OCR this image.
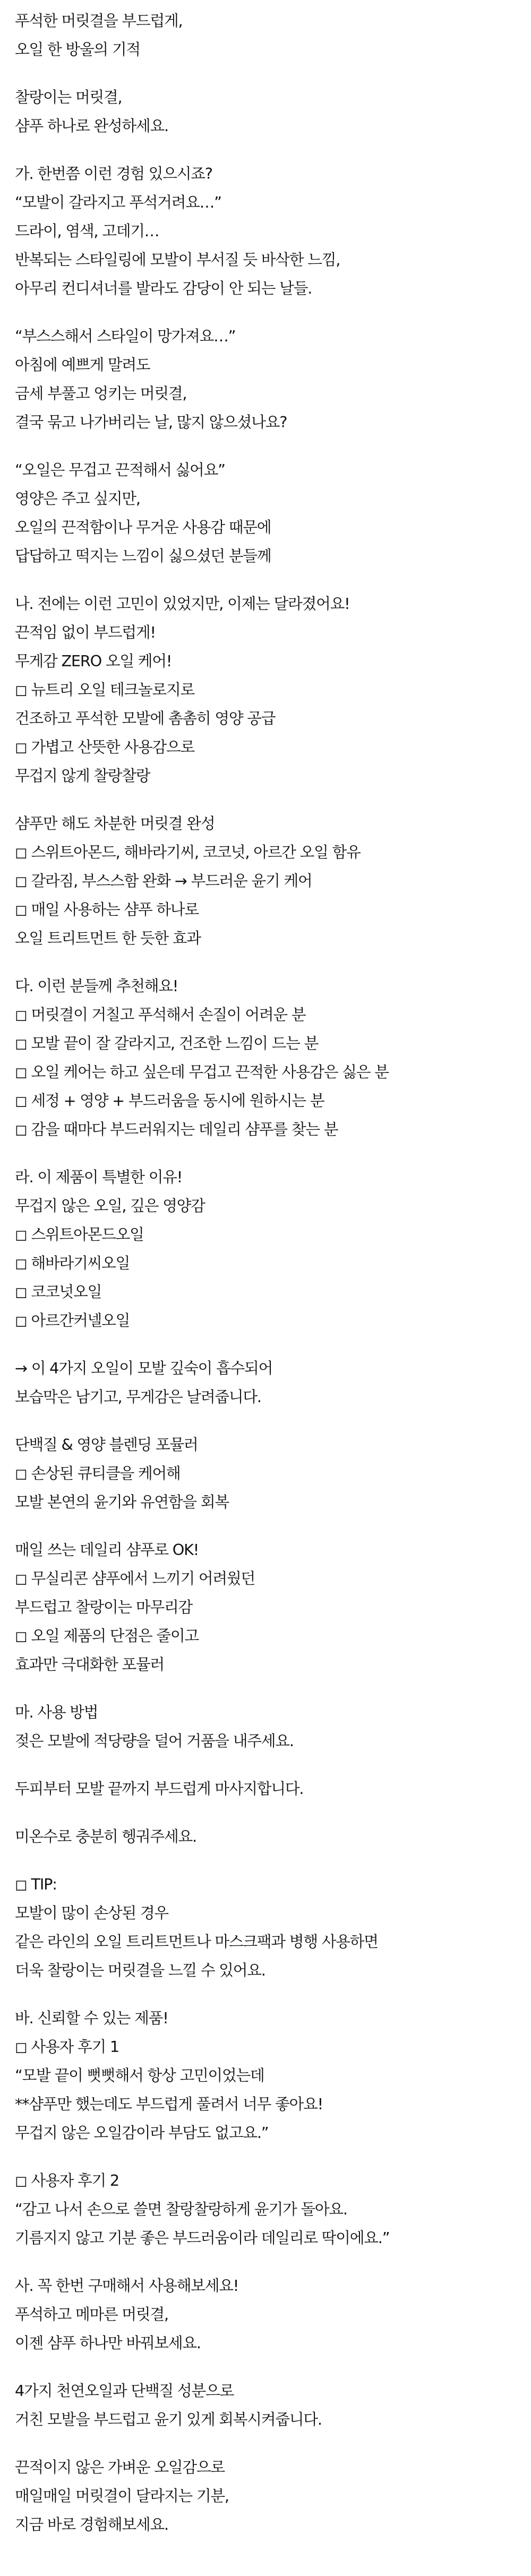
푸석한 머릿결을 부드럽게,
오일 한 방울의 기적
찰랑이는 머릿결,
샴푸 하나로 완성하세요.
가. 한번쯤 이런 경험 있으시죠?
“모발이 갈라지고 푸석거려요…”
드라이, 염색, 고데기…
반복되는 스타일링에 모발이 부서질 듯 바삭한 느낌,
아무리 컨디셔너를 발라도 감당이 안 되는 날들.
“부스스해서 스타일이 망가져요…”
아침에 예쁘게 말려도
금세 부풀고 엉키는 머릿결,
결국 묶고 나가버리는 날, 많지 않으셨나요?
“오일은 무겁고 끈적해서 싫어요”
영양은 주고 싶지만,
오일의 끈적함이나 무거운 사용감 때문에
답답하고 떡지는 느낌이 싫으셨던 분들께
나. 전에는 이런 고민이 있었지만, 이제는 달라졌어요!
끈적임 없이 부드럽게!
무게감 ZERO 오일 케어!
◻ 뉴트리 오일 테크놀로지로
건조하고 푸석한 모발에 촘촘히 영양 공급
◻ 가볍고 산뜻한 사용감으로
무겁지 않게 찰랑찰랑
샴푸만 해도 차분한 머릿결 완성
◻ 스위트아몬드, 해바라기씨, 코코넛, 아르간 오일 함유
◻ 갈라짐, 부스스함 완화 → 부드러운 윤기 케어
◻ 매일 사용하는 샴푸 하나로
오일 트리트먼트 한 듯한 효과
다. 이런 분들께 추천해요!
◻ 머릿결이 거칠고 푸석해서 손질이 어려운 분
◻ 모발 끝이 잘 갈라지고, 건조한 느낌이 드는 분
◻ 오일 케어는 하고 싶은데 무겁고 끈적한 사용감은 싫은 분
◻ 세정 + 영양 + 부드러움을 동시에 원하시는 분
◻ 감을 때마다 부드러워지는 데일리 샴푸를 찾는 분
라. 이 제품이 특별한 이유!
무겁지 않은 오일, 깊은 영양감
◻ 스위트아몬드오일
◻ 해바라기씨오일
◻ 코코넛오일
◻ 아르간커넬오일
→ 이 4가지 오일이 모발 깊숙이 흡수되어
보습막은 남기고, 무게감은 날려줍니다.
단백질 & 영양 블렌딩 포뮬러
◻ 손상된 큐티클을 케어해
모발 본연의 윤기와 유연함을 회복
매일 쓰는 데일리 샴푸로 OK!
◻ 무실리콘 샴푸에서 느끼기 어려웠던
부드럽고 찰랑이는 마무리감
◻ 오일 제품의 단점은 줄이고
효과만 극대화한 포뮬러
마. 사용 방법
젖은 모발에 적당량을 덜어 거품을 내주세요.
두피부터 모발 끝까지 부드럽게 마사지합니다.
미온수로 충분히 헹궈주세요.
◻ TIP:
모발이 많이 손상된 경우
같은 라인의 오일 트리트먼트나 마스크팩과 병행 사용하면
더욱 찰랑이는 머릿결을 느낄 수 있어요.
바. 신뢰할 수 있는 제품!
◻ 사용자 후기 1
“모발 끝이 뻣뻣해서 항상 고민이었는데
**샴푸만 했는데도 부드럽게 풀려서 너무 좋아요!
무겁지 않은 오일감이라 부담도 없고요.”
◻ 사용자 후기 2
“감고 나서 손으로 쓸면 찰랑찰랑하게 윤기가 돌아요.
기름지지 않고 기분 좋은 부드러움이라 데일리로 딱이에요.”
사. 꼭 한번 구매해서 사용해보세요!
푸석하고 메마른 머릿결,
이젠 샴푸 하나만 바꿔보세요.
4가지 천연오일과 단백질 성분으로
거친 모발을 부드럽고 윤기 있게 회복시켜줍니다.
끈적이지 않은 가벼운 오일감으로
매일매일 머릿결이 달라지는 기분,
지금 바로 경험해보세요.
